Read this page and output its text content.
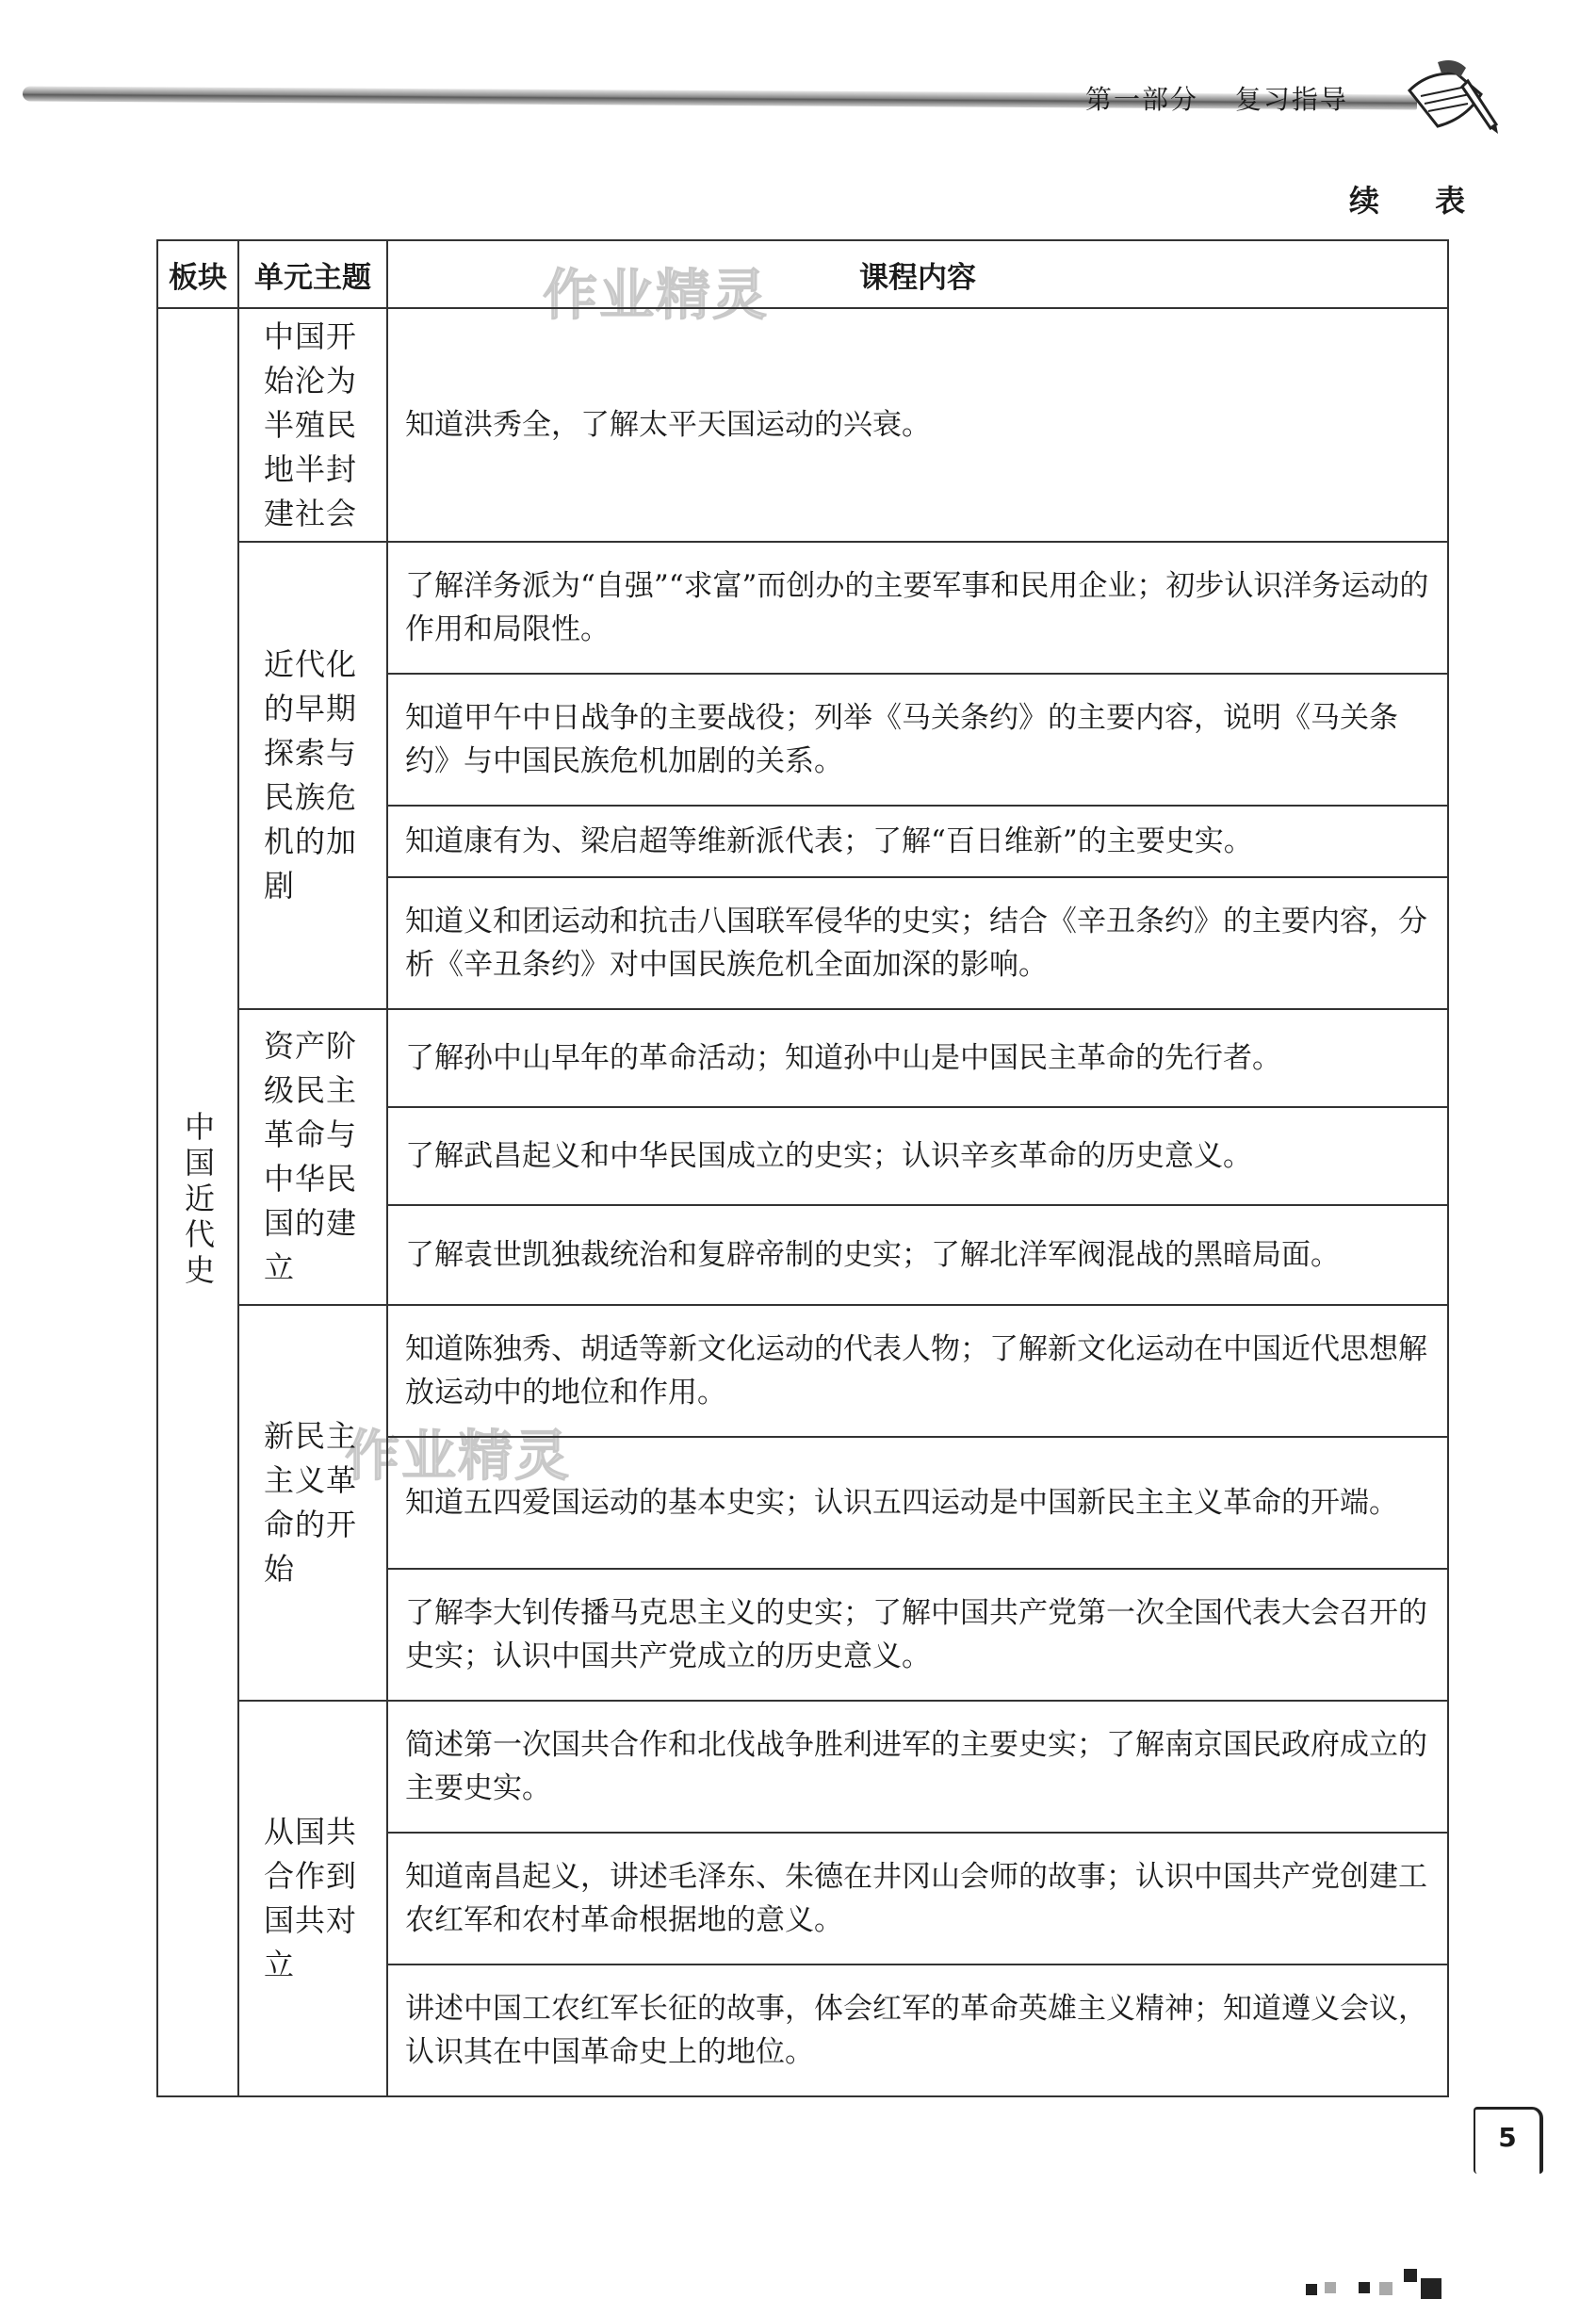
第一部分 复习指导
续 表
作业精灵
作业精灵
板块	单元主题	课程内容
中国近代史	中国开始沦为半殖民地半封建社会	知道洪秀全，了解太平天国运动的兴衰。
	近代化的早期探索与民族危机的加剧	了解洋务派为“自强”“求富”而创办的主要军事和民用企业；初步认识洋务运动的作用和局限性。
		知道甲午中日战争的主要战役；列举《马关条约》的主要内容，说明《马关条约》与中国民族危机加剧的关系。
		知道康有为、梁启超等维新派代表；了解“百日维新”的主要史实。
		知道义和团运动和抗击八国联军侵华的史实；结合《辛丑条约》的主要内容，分析《辛丑条约》对中国民族危机全面加深的影响。
	资产阶级民主革命与中华民国的建立	了解孙中山早年的革命活动；知道孙中山是中国民主革命的先行者。
		了解武昌起义和中华民国成立的史实；认识辛亥革命的历史意义。
		了解袁世凯独裁统治和复辟帝制的史实；了解北洋军阀混战的黑暗局面。
	新民主主义革命的开始	知道陈独秀、胡适等新文化运动的代表人物；了解新文化运动在中国近代思想解放运动中的地位和作用。
		知道五四爱国运动的基本史实；认识五四运动是中国新民主主义革命的开端。
		了解李大钊传播马克思主义的史实；了解中国共产党第一次全国代表大会召开的史实；认识中国共产党成立的历史意义。
	从国共合作到国共对立	简述第一次国共合作和北伐战争胜利进军的主要史实；了解南京国民政府成立的主要史实。
		知道南昌起义，讲述毛泽东、朱德在井冈山会师的故事；认识中国共产党创建工农红军和农村革命根据地的意义。
		讲述中国工农红军长征的故事，体会红军的革命英雄主义精神；知道遵义会议，认识其在中国革命史上的地位。
5
